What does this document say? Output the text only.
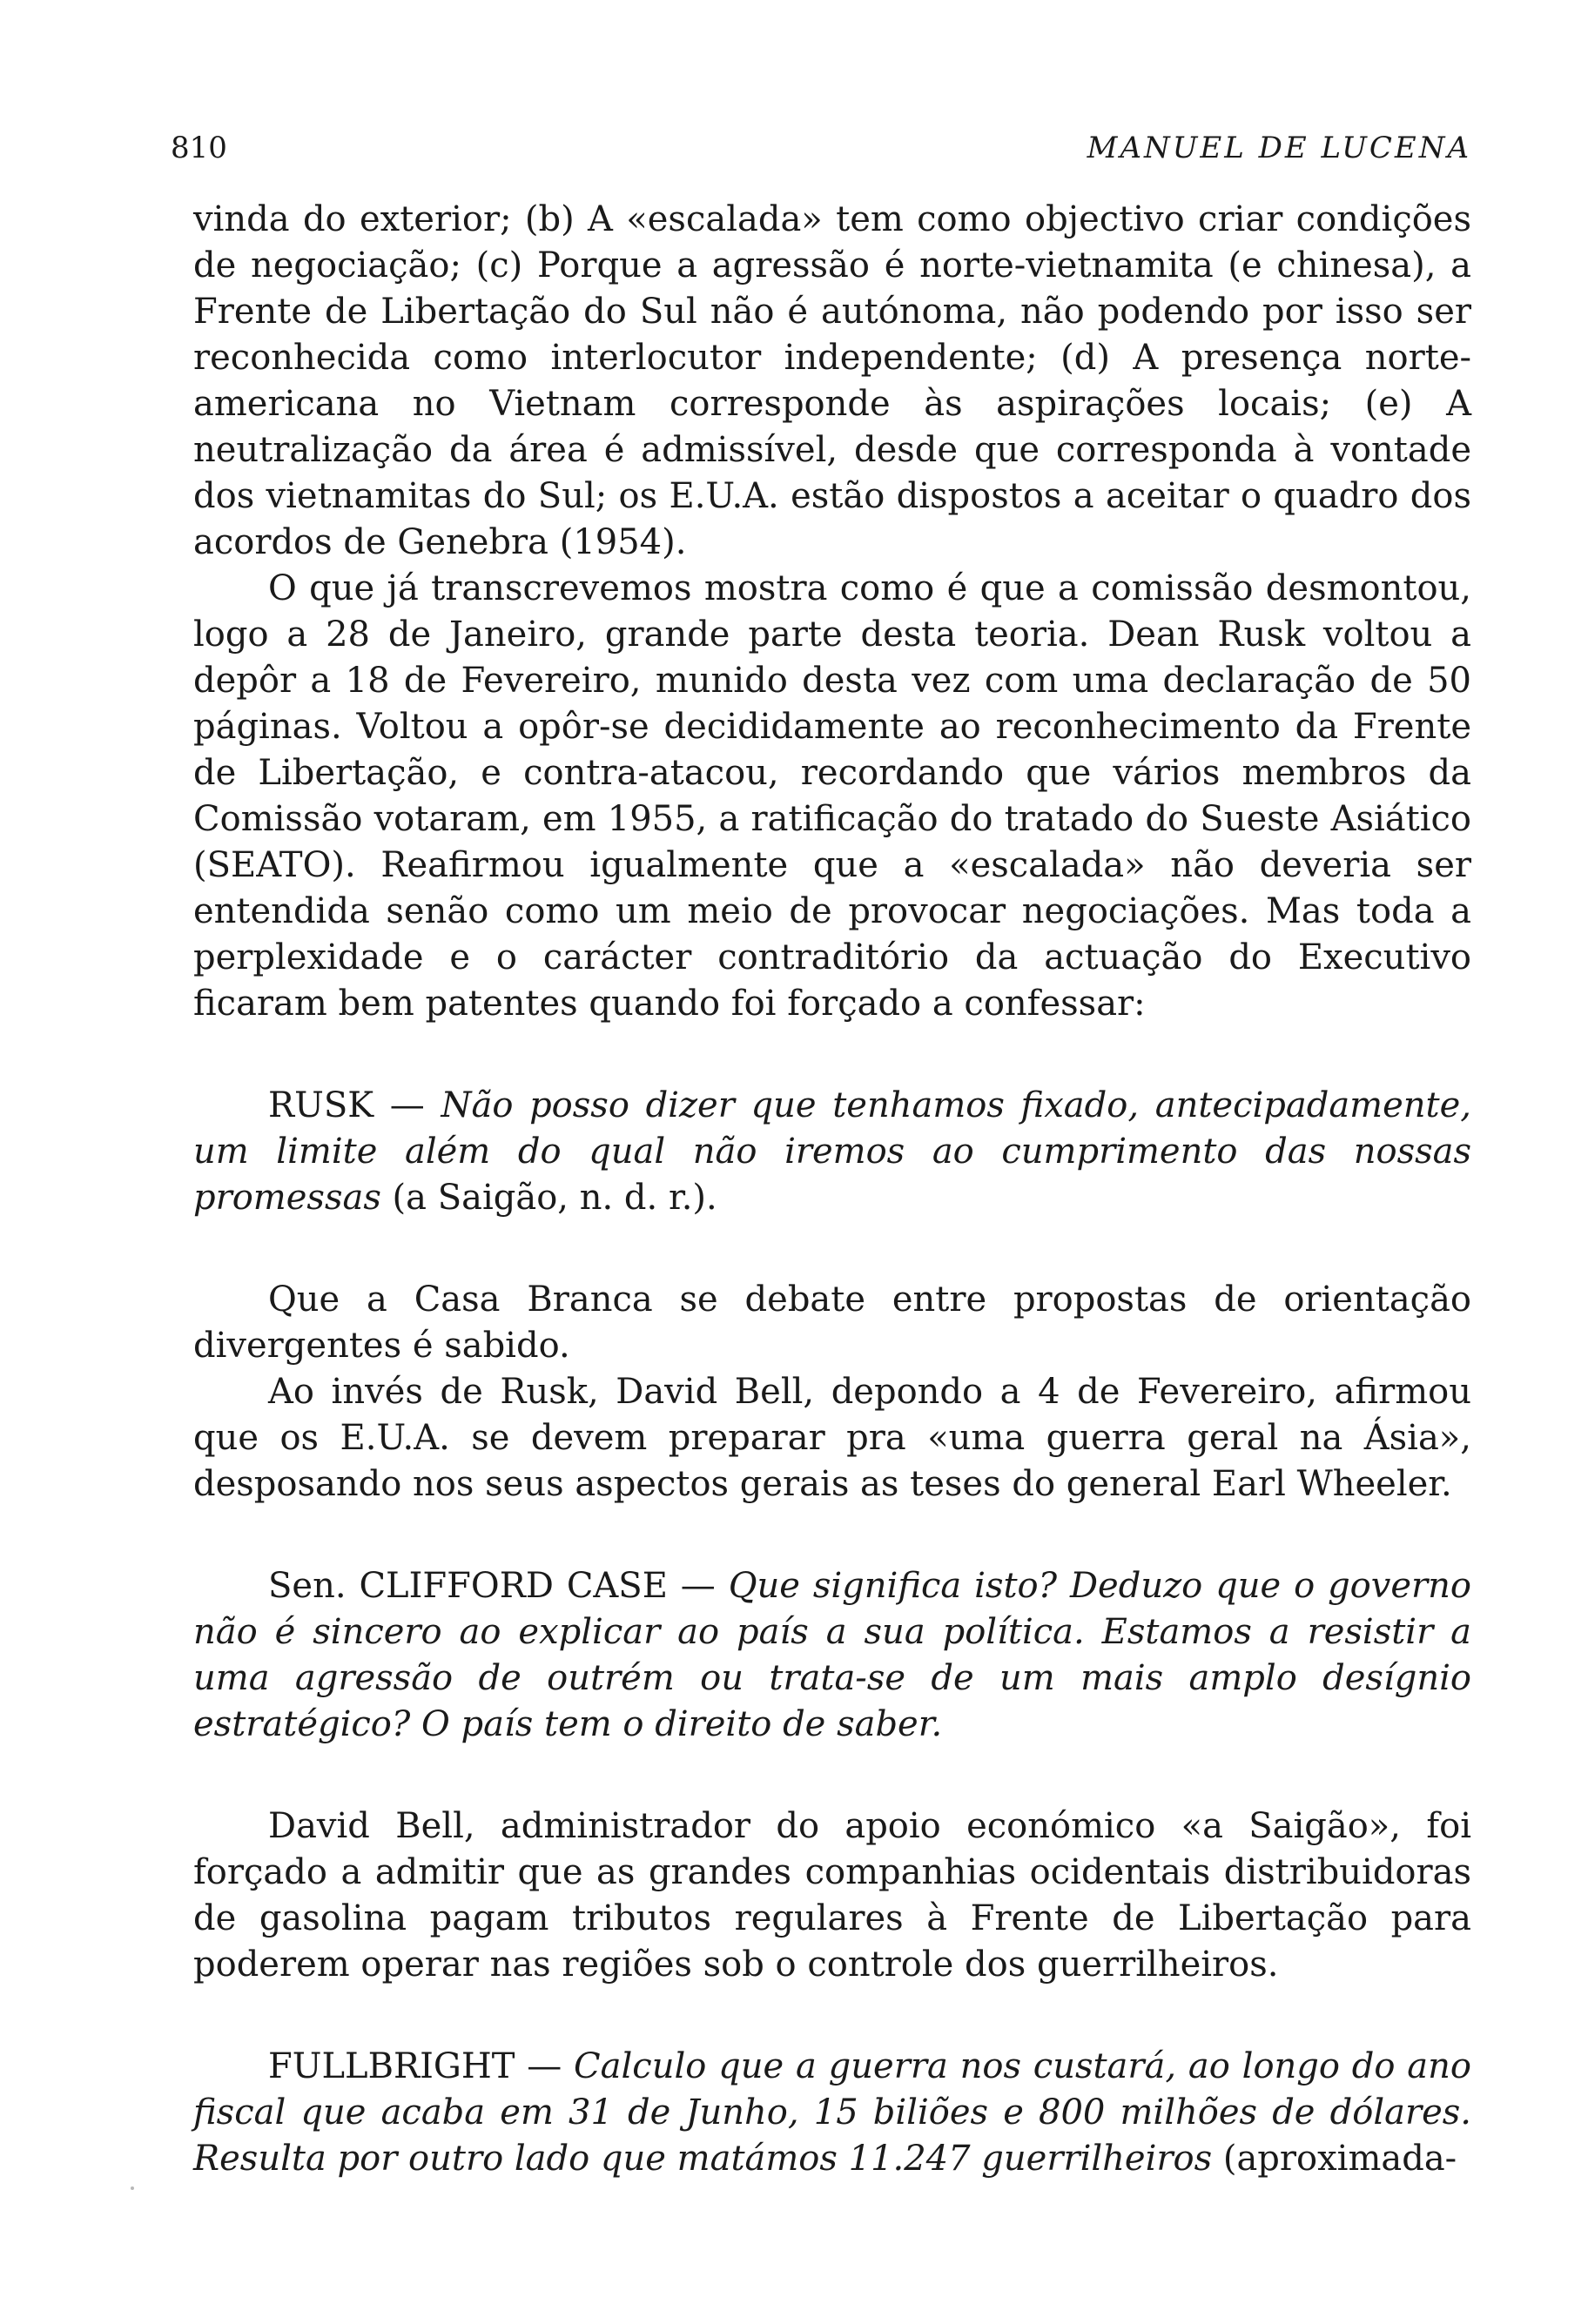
810	MANUEL DE LUCENA

vinda do exterior; (b) A «escalada» tem como objectivo criar condições de negociação; (c) Porque a agressão é norte-vietnamita (e chinesa), a Frente de Libertação do Sul não é autónoma, não podendo por isso ser reconhecida como interlocutor independente; (d) A presença norte-americana no Vietnam corresponde às aspirações locais; (e) A neutralização da área é admissível, desde que corresponda à vontade dos vietnamitas do Sul; os E.U.A. estão dispostos a aceitar o quadro dos acordos de Genebra (1954).

O que já transcrevemos mostra como é que a comissão desmontou, logo a 28 de Janeiro, grande parte desta teoria. Dean Rusk voltou a depôr a 18 de Fevereiro, munido desta vez com uma declaração de 50 páginas. Voltou a opôr-se decididamente ao reconhecimento da Frente de Libertação, e contra-atacou, recordando que vários membros da Comissão votaram, em 1955, a ratificação do tratado do Sueste Asiático (SEATO). Reafirmou igualmente que a «escalada» não deveria ser entendida senão como um meio de provocar negociações. Mas toda a perplexidade e o carácter contraditório da actuação do Executivo ficaram bem patentes quando foi forçado a confessar:

RUSK — Não posso dizer que tenhamos fixado, antecipadamente, um limite além do qual não iremos ao cumprimento das nossas promessas (a Saigão, n. d. r.).

Que a Casa Branca se debate entre propostas de orientação divergentes é sabido.

Ao invés de Rusk, David Bell, depondo a 4 de Fevereiro, afirmou que os E.U.A. se devem preparar pra «uma guerra geral na Ásia», desposando nos seus aspectos gerais as teses do general Earl Wheeler.

Sen. CLIFFORD CASE — Que significa isto? Deduzo que o governo não é sincero ao explicar ao país a sua política. Estamos a resistir a uma agressão de outrém ou trata-se de um mais amplo desígnio estratégico? O país tem o direito de saber.

David Bell, administrador do apoio económico «a Saigão», foi forçado a admitir que as grandes companhias ocidentais distribuidoras de gasolina pagam tributos regulares à Frente de Libertação para poderem operar nas regiões sob o controle dos guerrilheiros.

FULLBRIGHT — Calculo que a guerra nos custará, ao longo do ano fiscal que acaba em 31 de Junho, 15 biliões e 800 milhões de dólares. Resulta por outro lado que matámos 11.247 guerrilheiros (aproximada-
